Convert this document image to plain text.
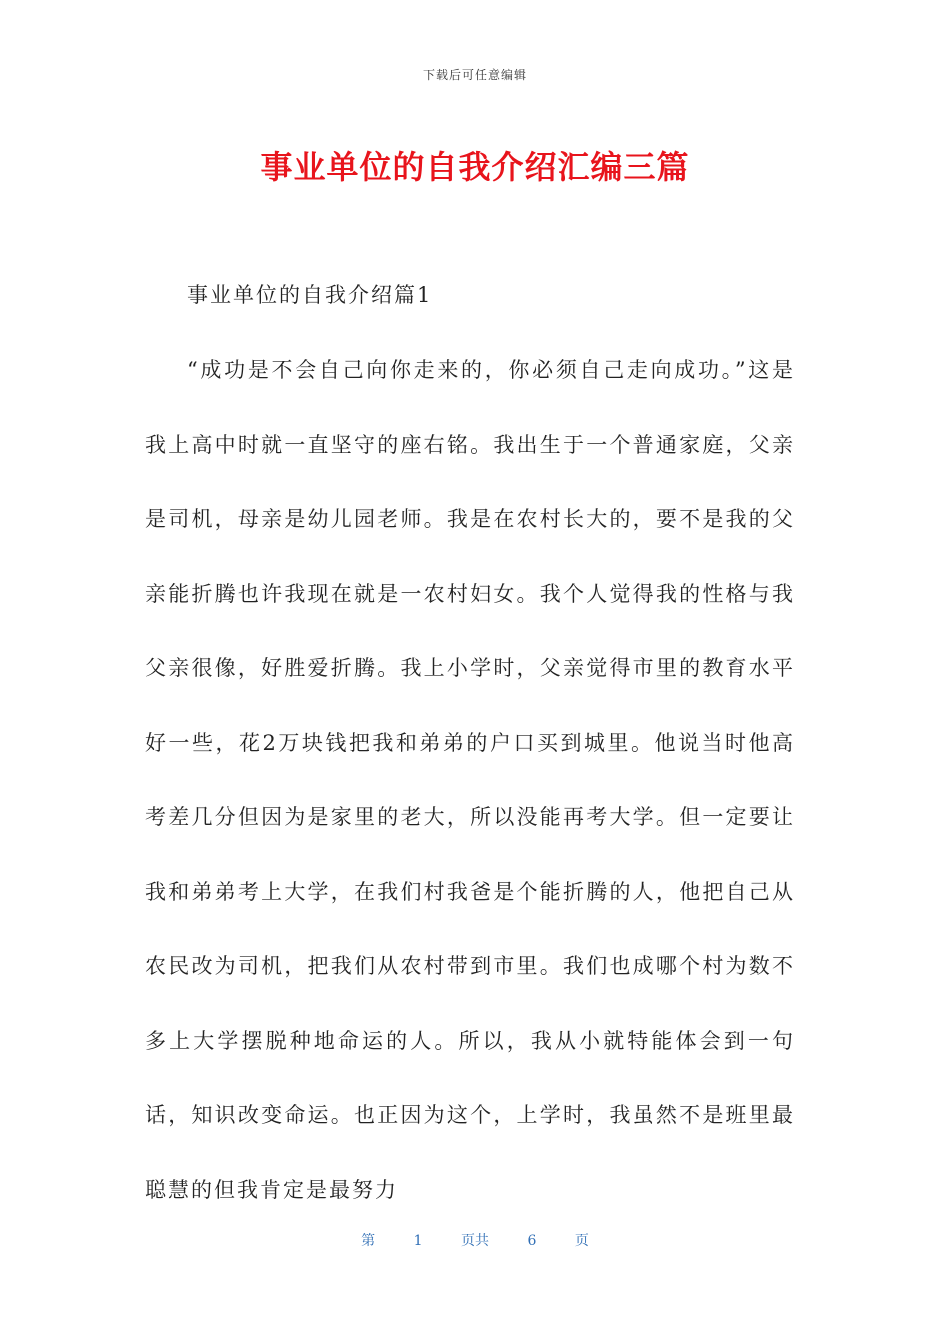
下载后可任意编辑
事业单位的自我介绍汇编三篇

事业单位的自我介绍篇1

“成功是不会自己向你走来的，你必须自己走向成功。”这是我上高中时就一直坚守的座右铭。我出生于一个普通家庭，父亲是司机，母亲是幼儿园老师。我是在农村长大的，要不是我的父亲能折腾也许我现在就是一农村妇女。我个人觉得我的性格与我父亲很像，好胜爱折腾。我上小学时，父亲觉得市里的教育水平好一些，花2万块钱把我和弟弟的户口买到城里。他说当时他高考差几分但因为是家里的老大，所以没能再考大学。但一定要让我和弟弟考上大学，在我们村我爸是个能折腾的人，他把自己从农民改为司机，把我们从农村带到市里。我们也成哪个村为数不多上大学摆脱种地命运的人。所以，我从小就特能体会到一句话，知识改变命运。也正因为这个，上学时，我虽然不是班里最聪慧的但我肯定是最努力

第	1	页共	6	页
